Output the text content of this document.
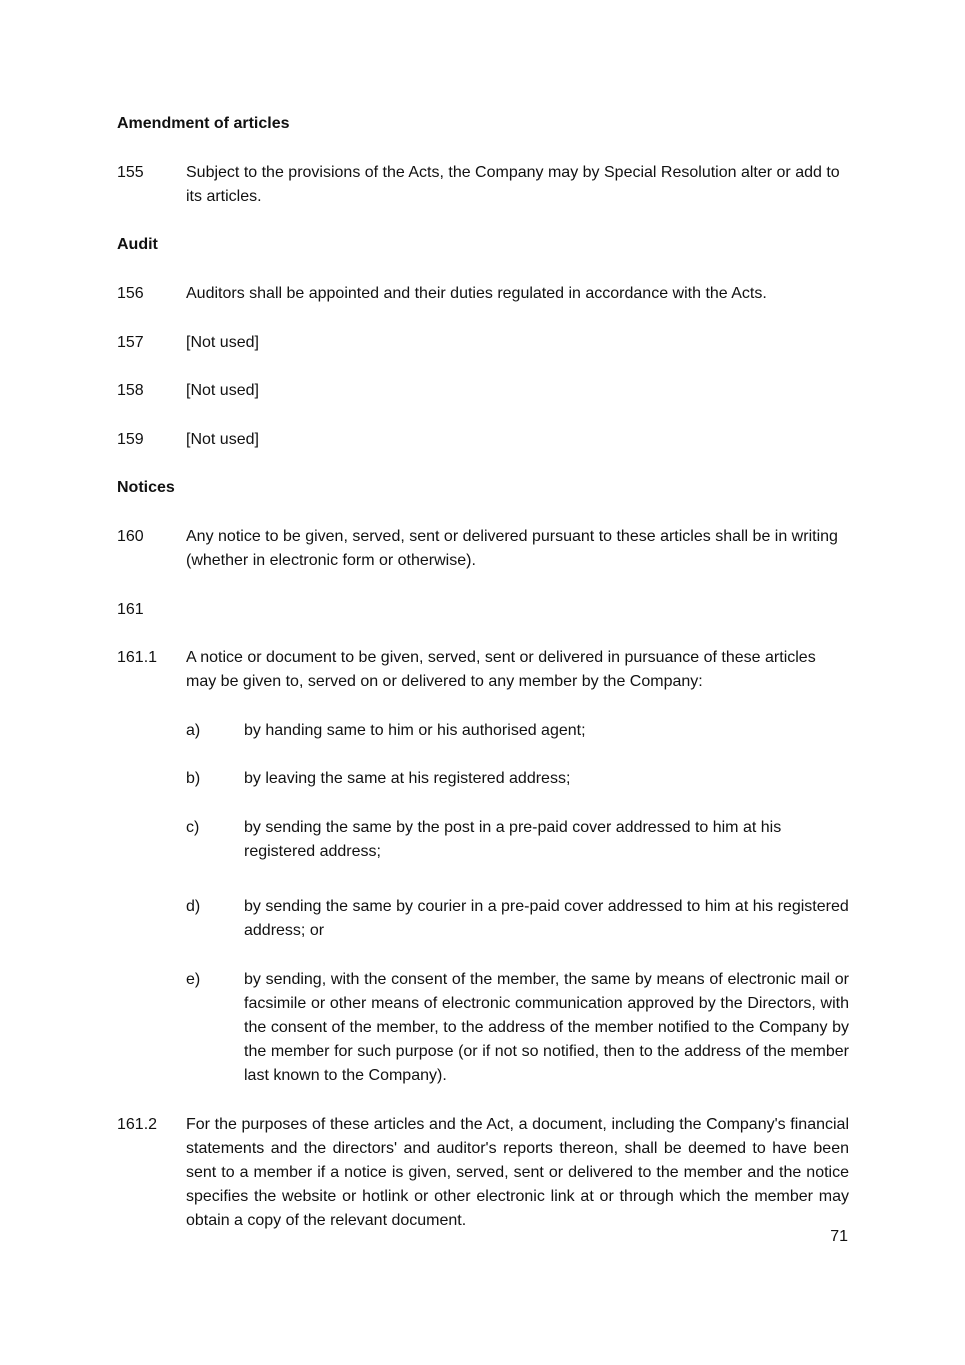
Amendment of articles
155	Subject to the provisions of the Acts, the Company may by Special Resolution alter or add to its articles.
Audit
156	Auditors shall be appointed and their duties regulated in accordance with the Acts.
157	[Not used]
158	[Not used]
159	[Not used]
Notices
160	Any notice to be given, served, sent or delivered pursuant to these articles shall be in writing (whether in electronic form or otherwise).
161
161.1	A notice or document to be given, served, sent or delivered in pursuance of these articles may be given to, served on or delivered to any member by the Company:
a)	by handing same to him or his authorised agent;
b)	by leaving the same at his registered address;
c)	by sending the same by the post in a pre-paid cover addressed to him at his registered address;
d)	by sending the same by courier in a pre-paid cover addressed to him at his registered address; or
e)	by sending, with the consent of the member, the same by means of electronic mail or facsimile or other means of electronic communication approved by the Directors, with the consent of the member, to the address of the member notified to the Company by the member for such purpose (or if not so notified, then to the address of the member last known to the Company).
161.2	For the purposes of these articles and the Act, a document, including the Company's financial statements and the directors' and auditor's reports thereon, shall be deemed to have been sent to a member if a notice is given, served, sent or delivered to the member and the notice specifies the website or hotlink or other electronic link at or through which the member may obtain a copy of the relevant document.
71
